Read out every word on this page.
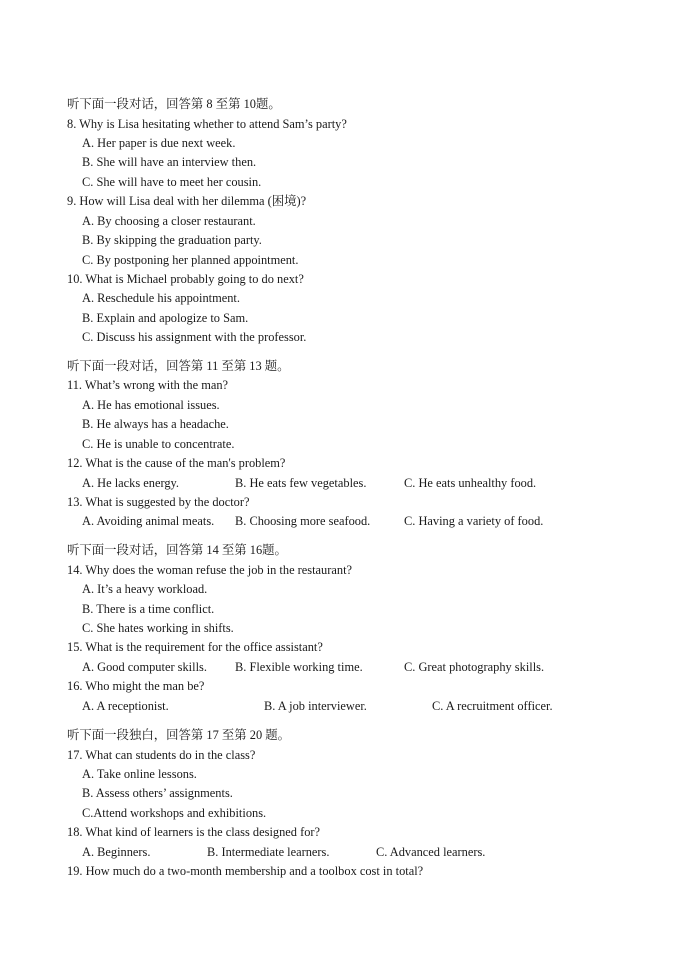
听下面一段对话，回答第 8 至第 10题。
8. Why is Lisa hesitating whether to attend Sam’s party?
A. Her paper is due next week.
B. She will have an interview then.
C. She will have to meet her cousin.
9. How will Lisa deal with her dilemma (困境)?
A. By choosing a closer restaurant.
B. By skipping the graduation party.
C. By postponing her planned appointment.
10. What is Michael probably going to do next?
A. Reschedule his appointment.
B. Explain and apologize to Sam.
C. Discuss his assignment with the professor.
听下面一段对话，回答第 11 至第 13 题。
11. What’s wrong with the man?
A. He has emotional issues.
B. He always has a headache.
C. He is unable to concentrate.
12. What is the cause of the man's problem?
A. He lacks energy.	B. He eats few vegetables.	C. He eats unhealthy food.
13. What is suggested by the doctor?
A. Avoiding animal meats. B. Choosing more seafood.	C. Having a variety of food.
听下面一段对话，回答第 14 至第 16题。
14. Why does the woman refuse the job in the restaurant?
A. It’s a heavy workload.
B. There is a time conflict.
C. She hates working in shifts.
15. What is the requirement for the office assistant?
A. Good computer skills. B. Flexible working time.	C. Great photography skills.
16. Who might the man be?
A. A receptionist.	B. A job interviewer.	C. A recruitment officer.
听下面一段独白，回答第 17 至第 20 题。
17. What can students do in the class?
A. Take online lessons.
B. Assess others’ assignments.
C.Attend workshops and exhibitions.
18. What kind of learners is the class designed for?
A. Beginners.	B. Intermediate learners.	C. Advanced learners.
19. How much do a two-month membership and a toolbox cost in total?
